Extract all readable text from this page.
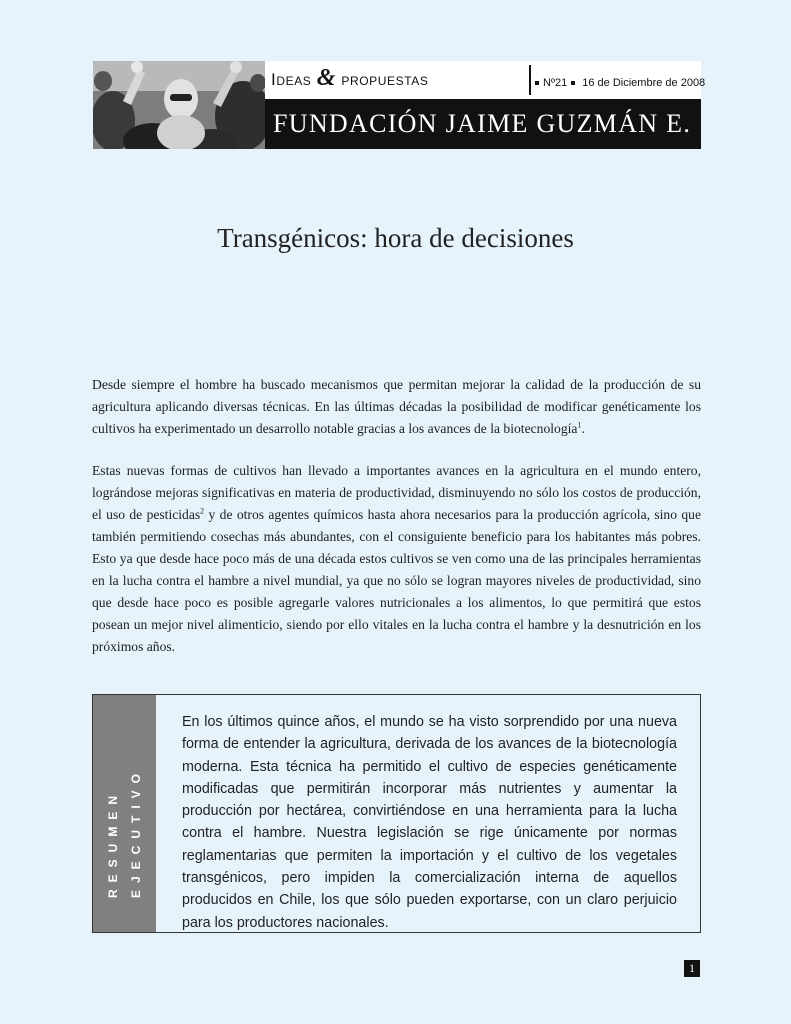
Ideas & propuestas	Nº21 16 de Diciembre de 2008
FUNDACIÓN JAIME GUZMÁN E.
Transgénicos: hora de decisiones

Desde siempre el hombre ha buscado mecanismos que permitan mejorar la calidad de la producción de su agricultura aplicando diversas técnicas. En las últimas décadas la posibilidad de modificar genéticamente los cultivos ha experimentado un desarrollo notable gracias a los avances de la biotecnología$^1$.

Estas nuevas formas de cultivos han llevado a importantes avances en la agricultura en el mundo entero, lográndose mejoras significativas en materia de productividad, disminuyendo no sólo los costos de producción, el uso de pesticidas$^2$ y de otros agentes químicos hasta ahora necesarios para la producción agrícola, sino que también permitiendo cosechas más abundantes, con el consiguiente beneficio para los habitantes más pobres. Esto ya que desde hace poco más de una década estos cultivos se ven como una de las principales herramientas en la lucha contra el hambre a nivel mundial, ya que no sólo se logran mayores niveles de productividad, sino que desde hace poco es posible agregarle valores nutricionales a los alimentos, lo que permitirá que estos posean un mejor nivel alimenticio, siendo por ello vitales en la lucha contra el hambre y la desnutrición en los próximos años.

RESUMEN EJECUTIVO
En los últimos quince años, el mundo se ha visto sorprendido por una nueva forma de entender la agricultura, derivada de los avances de la biotecnología moderna. Esta técnica ha permitido el cultivo de especies genéticamente modificadas que permitirán incorporar más nutrientes y aumentar la producción por hectárea, convirtiéndose en una herramienta para la lucha contra el hambre. Nuestra legislación se rige únicamente por normas reglamentarias que permiten la importación y el cultivo de los vegetales transgénicos, pero impiden la comercialización interna de aquellos producidos en Chile, los que sólo pueden exportarse, con un claro perjuicio para los productores nacionales.
1
